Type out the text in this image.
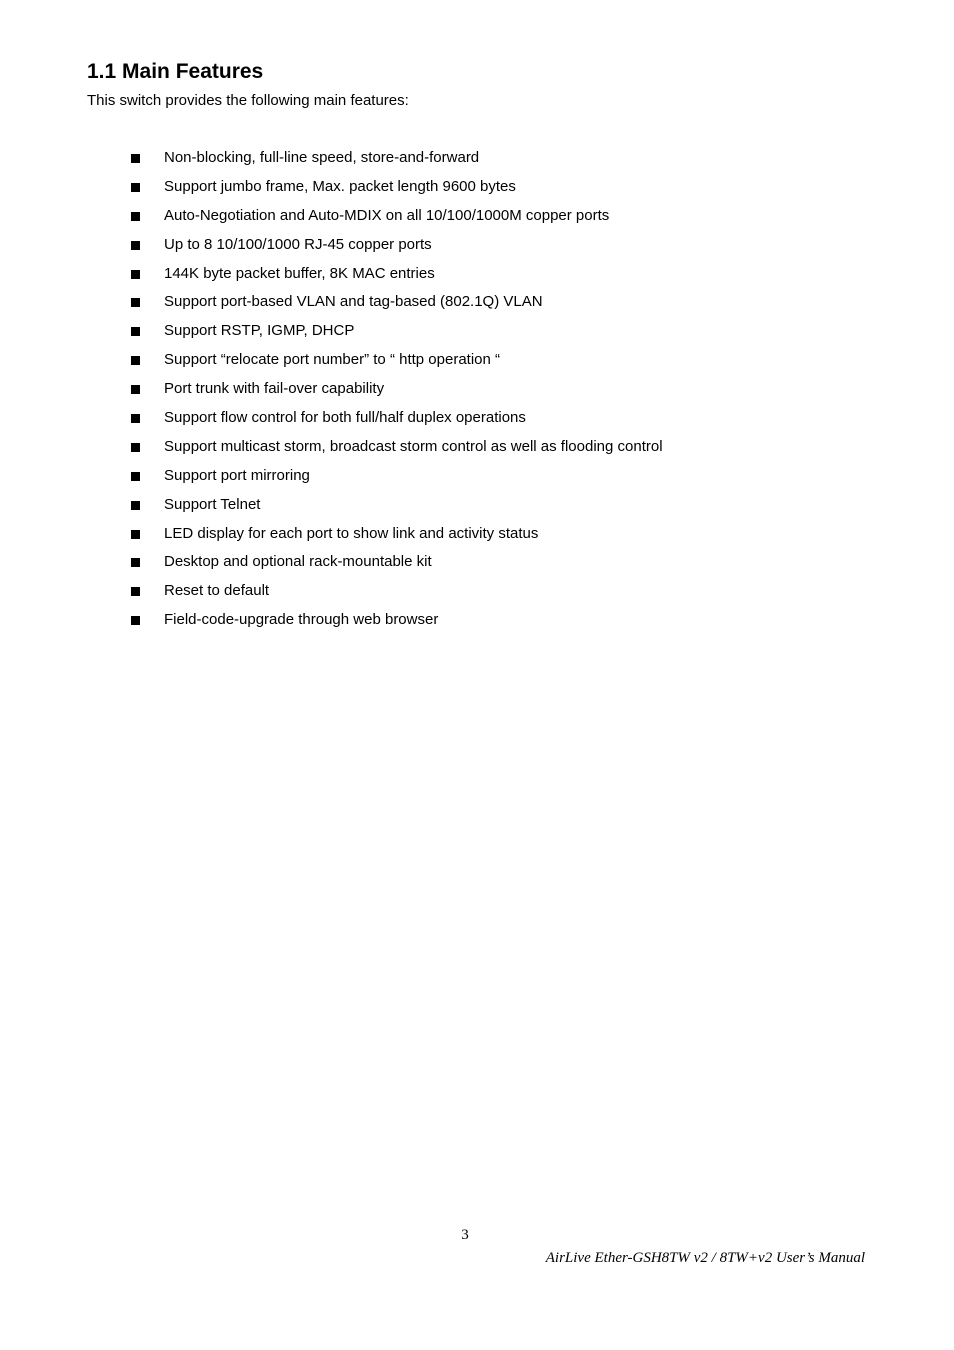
1.1 Main Features

This switch provides the following main features:

Non-blocking, full-line speed, store-and-forward
Support jumbo frame, Max. packet length 9600 bytes
Auto-Negotiation and Auto-MDIX on all 10/100/1000M copper ports
Up to 8 10/100/1000 RJ-45 copper ports
144K byte packet buffer, 8K MAC entries
Support port-based VLAN and tag-based (802.1Q) VLAN
Support RSTP, IGMP, DHCP
Support “relocate port number” to “ http operation “
Port trunk with fail-over capability
Support flow control for both full/half duplex operations
Support multicast storm, broadcast storm control as well as flooding control
Support port mirroring
Support Telnet
LED display for each port to show link and activity status
Desktop and optional rack-mountable kit
Reset to default
Field-code-upgrade through web browser
3
AirLive Ether-GSH8TW v2 / 8TW+v2 User’s Manual
